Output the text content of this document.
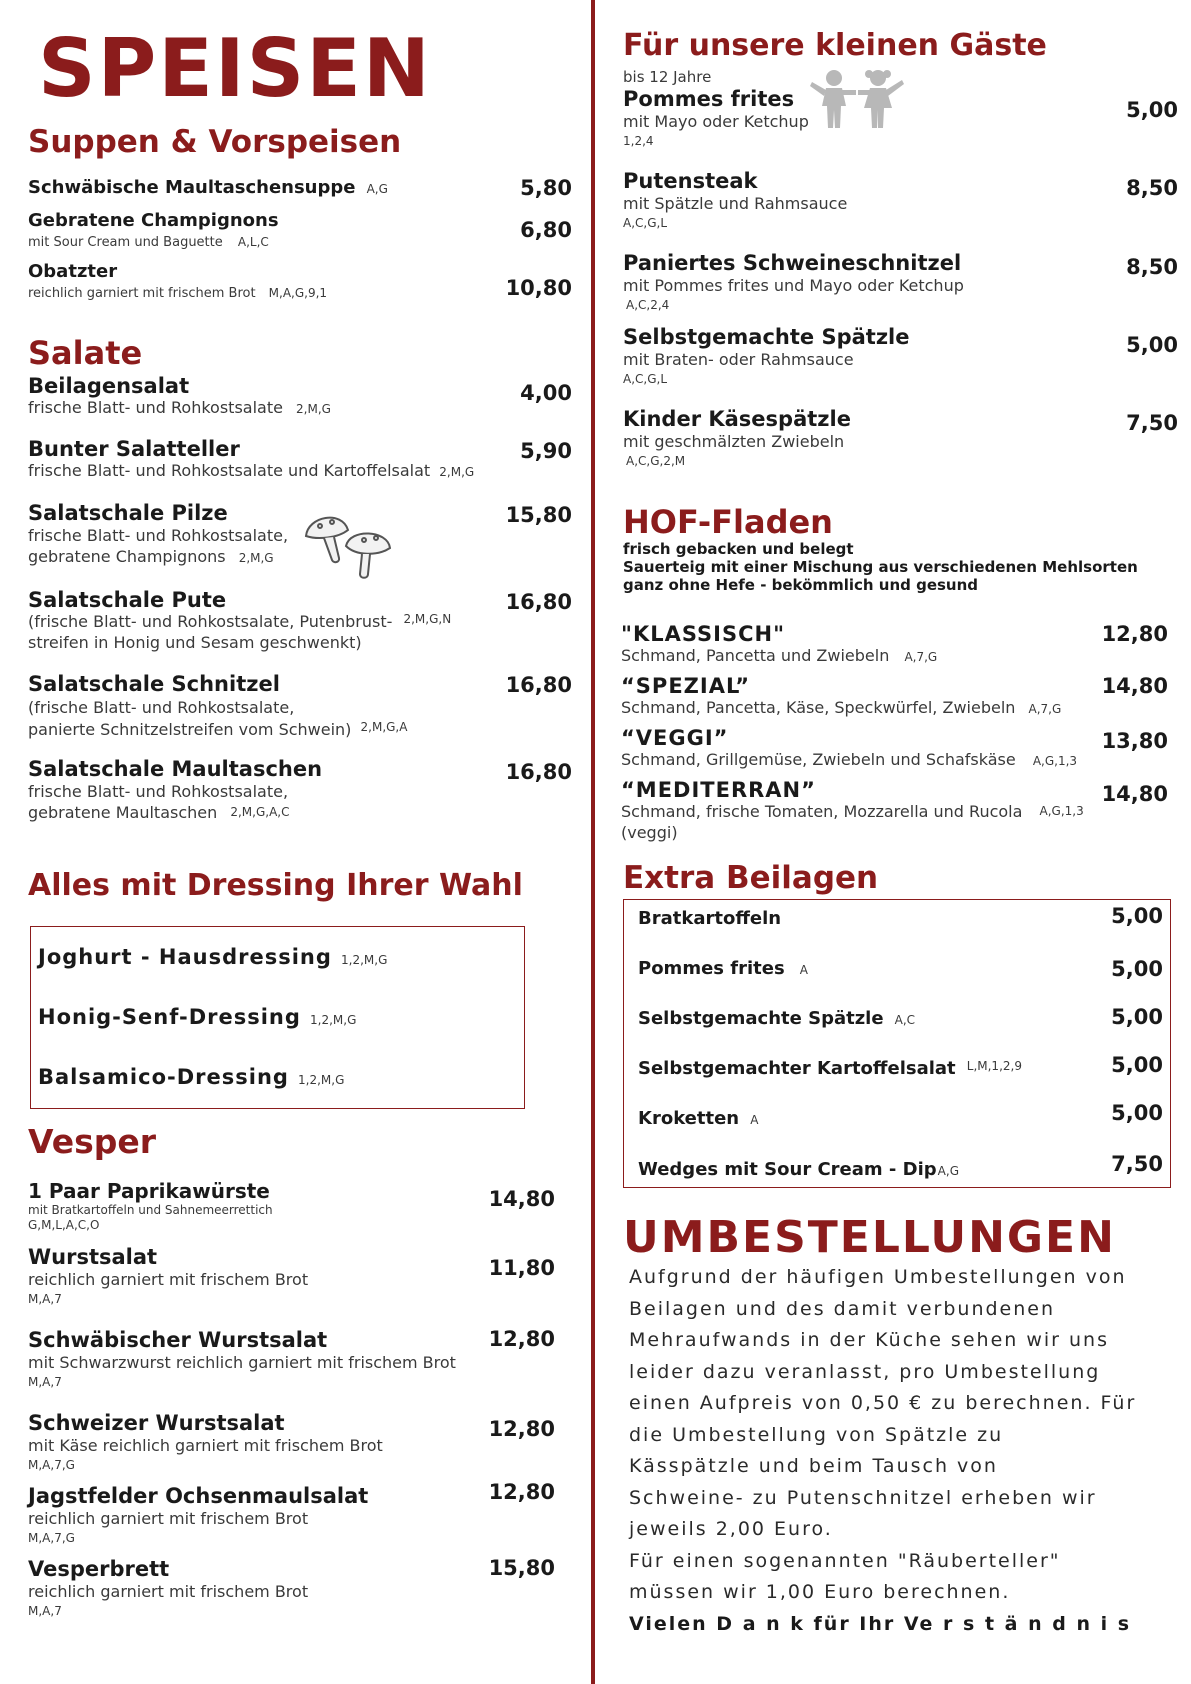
SPEISEN
Suppen & Vorspeisen
Schwäbische Maultaschensuppe A,G	5,80
Gebratene Champignons
mit Sour Cream und Baguette A,L,C	6,80
Obatzter
reichlich garniert mit frischem Brot M,A,G,9,1	10,80
Salate
Beilagensalat
frische Blatt- und Rohkostsalate 2,M,G
4,00
Bunter Salatteller
frische Blatt- und Rohkostsalate und Kartoffelsalat 2,M,G
5,90
Salatschale Pilze
frische Blatt- und Rohkostsalate,
gebratene Champignons 2,M,G
15,80
Salatschale Pute
(frische Blatt- und Rohkostsalate, Putenbrust- $^{2,M,G,N}$
streifen in Honig und Sesam geschwenkt)
16,80
Salatschale Schnitzel
(frische Blatt- und Rohkostsalate,
panierte Schnitzelstreifen vom Schwein) $^{2,M,G,A}$
16,80
Salatschale Maultaschen
frische Blatt- und Rohkostsalate,
gebratene Maultaschen 2,M,G,A,C
16,80
Alles mit Dressing Ihrer Wahl
Joghurt - Hausdressing 1,2,M,G
Honig-Senf-Dressing 1,2,M,G
Balsamico-Dressing 1,2,M,G
Vesper
1 Paar Paprikawürste
mit Bratkartoffeln und Sahnemeerrettich
G,M,L,A,C,O
14,80
Wurstsalat
reichlich garniert mit frischem Brot
M,A,7
11,80
Schwäbischer Wurstsalat
mit Schwarzwurst reichlich garniert mit frischem Brot
M,A,7
12,80
Schweizer Wurstsalat
mit Käse reichlich garniert mit frischem Brot
M,A,7,G
12,80
Jagstfelder Ochsenmaulsalat
reichlich garniert mit frischem Brot
M,A,7,G
12,80
Vesperbrett
reichlich garniert mit frischem Brot
M,A,7
15,80
Für unsere kleinen Gäste
bis 12 Jahre
Pommes frites
mit Mayo oder Ketchup
1,2,4
5,00
Putensteak
mit Spätzle und Rahmsauce
A,C,G,L
8,50
Paniertes Schweineschnitzel
mit Pommes frites und Mayo oder Ketchup
A,C,2,4
8,50
Selbstgemachte Spätzle
mit Braten- oder Rahmsauce
A,C,G,L
5,00
Kinder Käsespätzle
mit geschmälzten Zwiebeln
A,C,G,2,M
7,50
HOF-Fladen
frisch gebacken und belegt
Sauerteig mit einer Mischung aus verschiedenen Mehlsorten
ganz ohne Hefe - bekömmlich und gesund
"KLASSISCH"
Schmand, Pancetta und Zwiebeln A,7,G
12,80
“SPEZIAL”
Schmand, Pancetta, Käse, Speckwürfel, Zwiebeln A,7,G
14,80
“VEGGI”
Schmand, Grillgemüse, Zwiebeln und Schafskäse A,G,1,3
13,80
“MEDITERRAN”
Schmand, frische Tomaten, Mozzarella und Rucola A,G,1,3
(veggi)
14,80
Extra Beilagen
Bratkartoffeln	5,00
Pommes frites A	5,00
Selbstgemachte Spätzle A,C	5,00
Selbstgemachter Kartoffelsalat $^{L,M,1,2,9}$	5,00
Kroketten A	5,00
Wedges mit Sour Cream - DipA,G	7,50
UMBESTELLUNGEN
Aufgrund der häufigen Umbestellungen von
Beilagen und des damit verbundenen
Mehraufwands in der Küche sehen wir uns
leider dazu veranlasst, pro Umbestellung
einen Aufpreis von 0,50 € zu berechnen. Für
die Umbestellung von Spätzle zu
Kässpätzle und beim Tausch von
Schweine- zu Putenschnitzel erheben wir
jeweils 2,00 Euro.
Für einen sogenannten "Räuberteller"
müssen wir 1,00 Euro berechnen.
Vielen D a n k für Ihr Ve r s t ä n d n i s
